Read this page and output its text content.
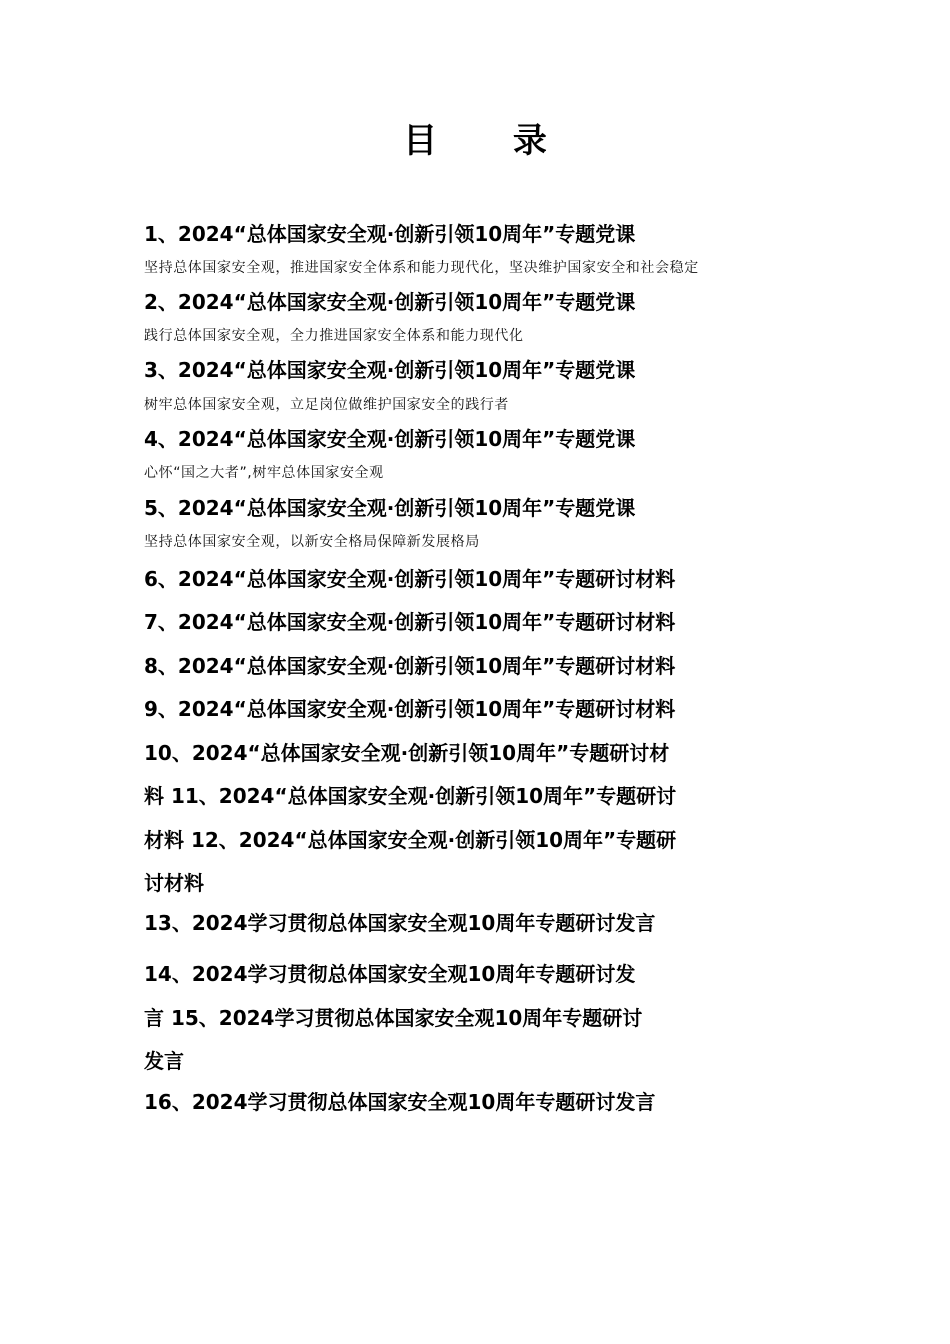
目 录
1、2024“总体国家安全观·创新引领10周年”专题党课
坚持总体国家安全观，推进国家安全体系和能力现代化，坚决维护国家安全和社会稳定
2、2024“总体国家安全观·创新引领10周年”专题党课
践行总体国家安全观，全力推进国家安全体系和能力现代化
3、2024“总体国家安全观·创新引领10周年”专题党课
树牢总体国家安全观，立足岗位做维护国家安全的践行者
4、2024“总体国家安全观·创新引领10周年”专题党课
心怀“国之大者”,树牢总体国家安全观
5、2024“总体国家安全观·创新引领10周年”专题党课
坚持总体国家安全观，以新安全格局保障新发展格局
6、2024“总体国家安全观·创新引领10周年”专题研讨材料
7、2024“总体国家安全观·创新引领10周年”专题研讨材料
8、2024“总体国家安全观·创新引领10周年”专题研讨材料
9、2024“总体国家安全观·创新引领10周年”专题研讨材料
10、2024“总体国家安全观·创新引领10周年”专题研讨材
料 11、2024“总体国家安全观·创新引领10周年”专题研讨
材料 12、2024“总体国家安全观·创新引领10周年”专题研
讨材料
13、2024学习贯彻总体国家安全观10周年专题研讨发言
14、2024学习贯彻总体国家安全观10周年专题研讨发
言 15、2024学习贯彻总体国家安全观10周年专题研讨
发言
16、2024学习贯彻总体国家安全观10周年专题研讨发言
